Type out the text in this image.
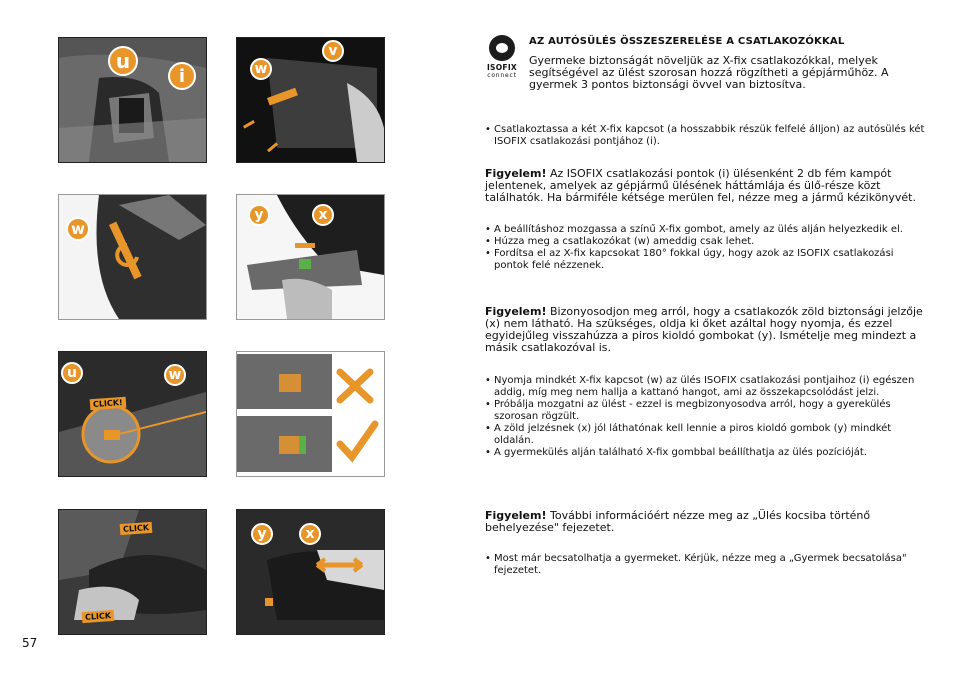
u
i	w
v
w
y	x
u	w
CLICK!
CLICK
CLICK
y	x
57
ISOFIX
connect
AZ AUTÓSÜLÉS ÖSSZESZERELÉSE A CSATLAKOZÓKKAL
Gyermeke biztonságát növeljük az X-fix csatlakozókkal, melyek segítségével az ülést szorosan hozzá rögzítheti a gépjárműhöz. A gyermek 3 pontos biztonsági övvel van biztosítva.
• Csatlakoztassa a két X-fix kapcsot (a hosszabbik részük felfelé álljon) az autósülés két ISOFIX csatlakozási pontjához (i).
Figyelem! Az ISOFIX csatlakozási pontok (i) ülésenként 2 db fém kampót jelentenek, amelyek az gépjármű ülésének háttámlája és ülő-része közt találhatók. Ha bármiféle kétsége merülen fel, nézze meg a jármű kézikönyvét.
• A beállításhoz mozgassa a színű X-fix gombot, amely az ülés alján helyezkedik el.
• Húzza meg a csatlakozókat (w) ameddig csak lehet.
• Fordítsa el az X-fix kapcsokat 180° fokkal úgy, hogy azok az ISOFIX csatlakozási pontok felé nézzenek.
Figyelem! Bizonyosodjon meg arról, hogy a csatlakozók zöld biztonsági jelzője (x) nem látható. Ha szükséges, oldja ki őket azáltal hogy nyomja, és ezzel egyidejűleg visszahúzza a piros kioldó gombokat (y). Ismételje meg mindezt a másik csatlakozóval is.
• Nyomja mindkét X-fix kapcsot (w) az ülés ISOFIX csatlakozási pontjaihoz (i) egészen addig, míg meg nem hallja a kattanó hangot, ami az összekapcsolódást jelzi.
• Próbálja mozgatni az ülést - ezzel is megbizonyosodva arról, hogy a gyerekülés szorosan rögzült.
• A zöld jelzésnek (x) jól láthatónak kell lennie a piros kioldó gombok (y) mindkét oldalán.
• A gyermekülés alján található X-fix gombbal beállíthatja az ülés pozícióját.
Figyelem! További információért nézze meg az „Ülés kocsiba történő behelyezése" fejezetet.
• Most már becsatolhatja a gyermeket. Kérjük, nézze meg a „Gyermek becsatolása" fejezetet.
